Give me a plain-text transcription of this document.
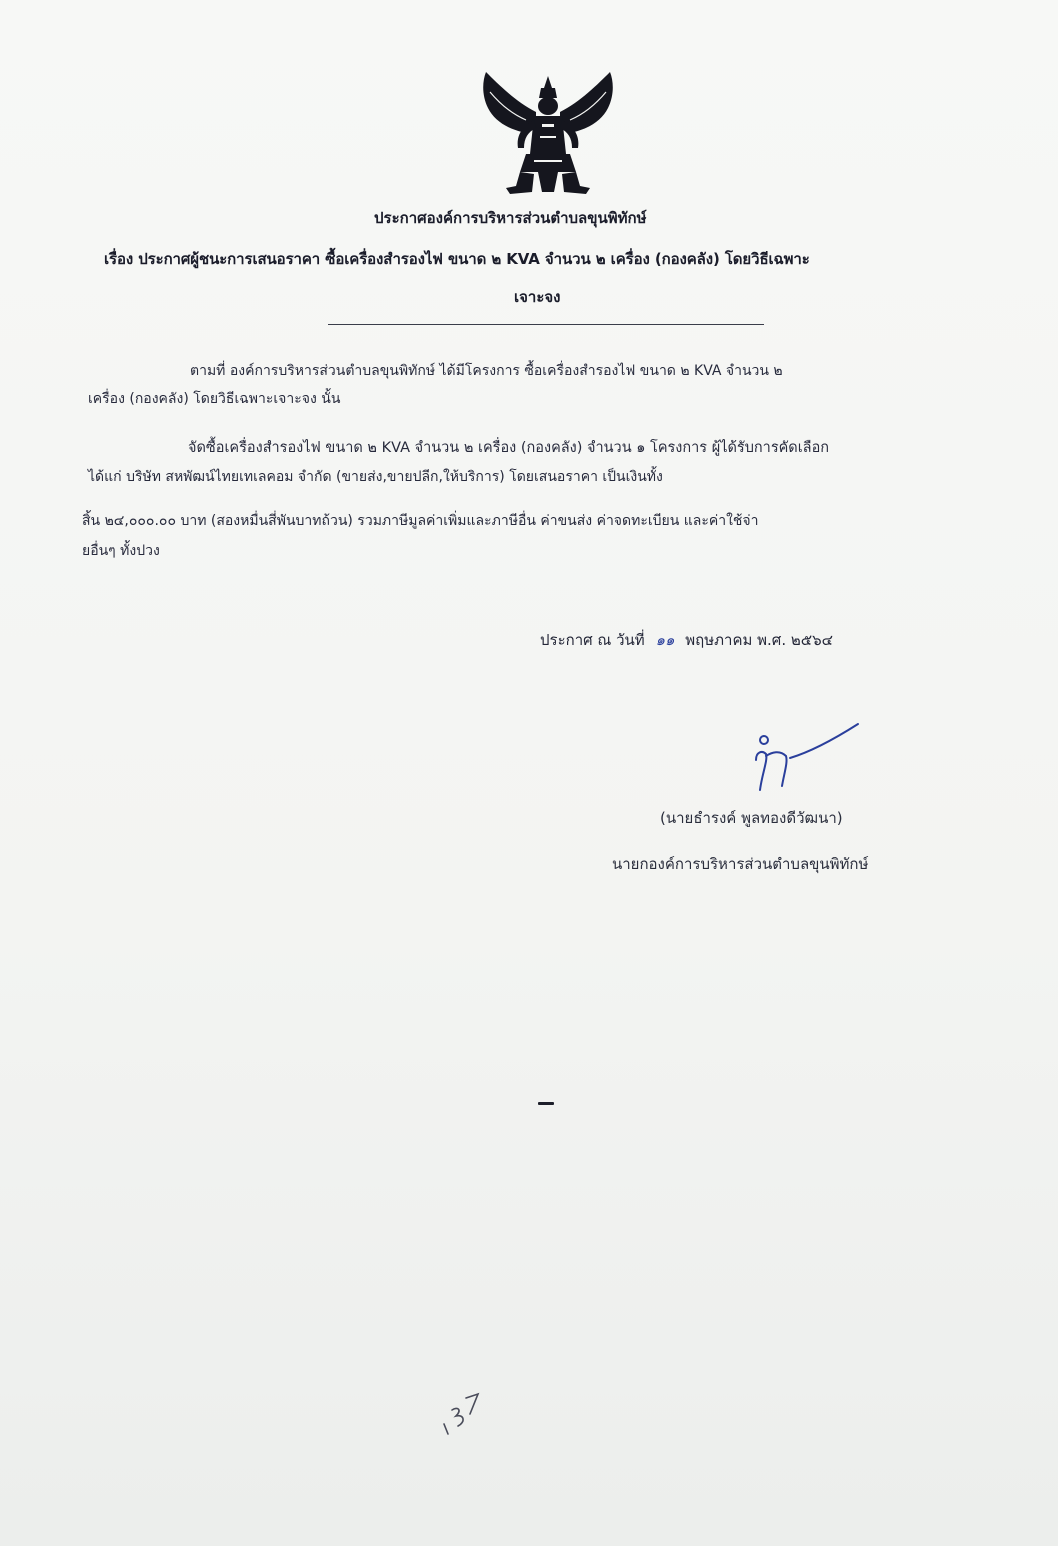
ประกาศองค์การบริหารส่วนตำบลขุนพิทักษ์
เรื่อง ประกาศผู้ชนะการเสนอราคา ซื้อเครื่องสำรองไฟ ขนาด ๒ KVA จำนวน ๒ เครื่อง (กองคลัง) โดยวิธีเฉพาะ
เจาะจง
ตามที่ องค์การบริหารส่วนตำบลขุนพิทักษ์ ได้มีโครงการ ซื้อเครื่องสำรองไฟ ขนาด ๒ KVA จำนวน ๒
เครื่อง (กองคลัง) โดยวิธีเฉพาะเจาะจง นั้น
จัดซื้อเครื่องสำรองไฟ ขนาด ๒ KVA จำนวน ๒ เครื่อง (กองคลัง) จำนวน ๑ โครงการ ผู้ได้รับการคัดเลือก
ได้แก่ บริษัท สหพัฒน์ไทยเทเลคอม จำกัด (ขายส่ง,ขายปลีก,ให้บริการ) โดยเสนอราคา เป็นเงินทั้ง
สิ้น ๒๔,๐๐๐.๐๐ บาท (สองหมื่นสี่พันบาทถ้วน) รวมภาษีมูลค่าเพิ่มและภาษีอื่น ค่าขนส่ง ค่าจดทะเบียน และค่าใช้จ่า
ยอื่นๆ ทั้งปวง
ประกาศ ณ วันที่ ๑๑ พฤษภาคม พ.ศ. ๒๕๖๔
(นายธำรงค์ พูลทองดีวัฒนา)
นายกองค์การบริหารส่วนตำบลขุนพิทักษ์
